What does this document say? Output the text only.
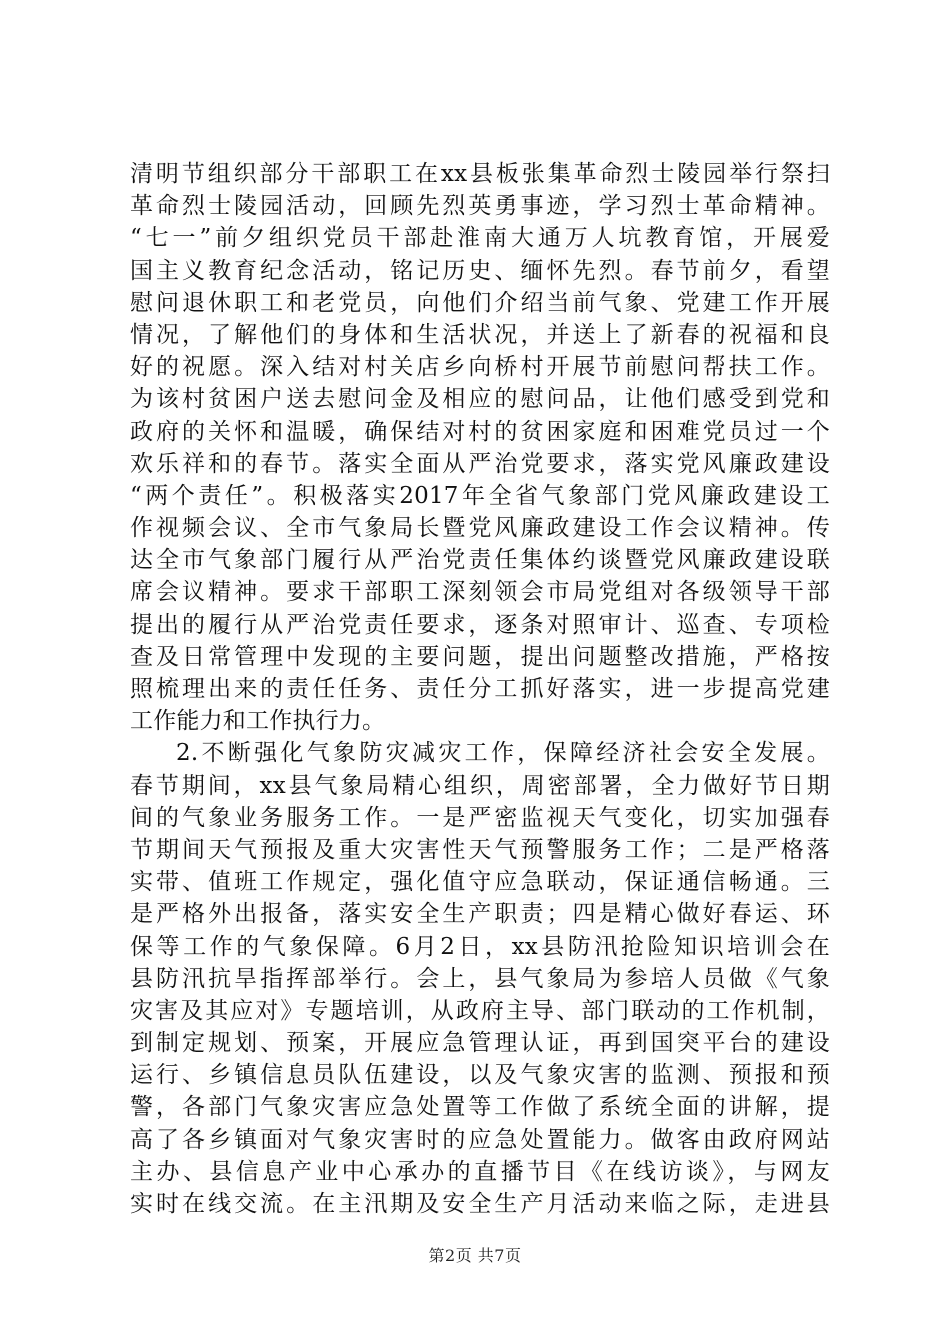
清明节组织部分干部职工在xx县板张集革命烈士陵园举行祭扫
革命烈士陵园活动，回顾先烈英勇事迹，学习烈士革命精神。
“七一”前夕组织党员干部赴淮南大通万人坑教育馆，开展爱
国主义教育纪念活动，铭记历史、缅怀先烈。春节前夕，看望
慰问退休职工和老党员，向他们介绍当前气象、党建工作开展
情况，了解他们的身体和生活状况，并送上了新春的祝福和良
好的祝愿。深入结对村关店乡向桥村开展节前慰问帮扶工作。
为该村贫困户送去慰问金及相应的慰问品，让他们感受到党和
政府的关怀和温暖，确保结对村的贫困家庭和困难党员过一个
欢乐祥和的春节。落实全面从严治党要求，落实党风廉政建设
“两个责任”。积极落实2017年全省气象部门党风廉政建设工
作视频会议、全市气象局长暨党风廉政建设工作会议精神。传
达全市气象部门履行从严治党责任集体约谈暨党风廉政建设联
席会议精神。要求干部职工深刻领会市局党组对各级领导干部
提出的履行从严治党责任要求，逐条对照审计、巡查、专项检
查及日常管理中发现的主要问题，提出问题整改措施，严格按
照梳理出来的责任任务、责任分工抓好落实，进一步提高党建
工作能力和工作执行力。
2.不断强化气象防灾减灾工作，保障经济社会安全发展。
春节期间，xx县气象局精心组织，周密部署，全力做好节日期
间的气象业务服务工作。一是严密监视天气变化，切实加强春
节期间天气预报及重大灾害性天气预警服务工作；二是严格落
实带、值班工作规定，强化值守应急联动，保证通信畅通。三
是严格外出报备，落实安全生产职责；四是精心做好春运、环
保等工作的气象保障。6月2日，xx县防汛抢险知识培训会在
县防汛抗旱指挥部举行。会上，县气象局为参培人员做《气象
灾害及其应对》专题培训，从政府主导、部门联动的工作机制，
到制定规划、预案，开展应急管理认证，再到国突平台的建设
运行、乡镇信息员队伍建设，以及气象灾害的监测、预报和预
警，各部门气象灾害应急处置等工作做了系统全面的讲解，提
高了各乡镇面对气象灾害时的应急处置能力。做客由政府网站
主办、县信息产业中心承办的直播节目《在线访谈》，与网友
实时在线交流。在主汛期及安全生产月活动来临之际，走进县
第2页 共7页
